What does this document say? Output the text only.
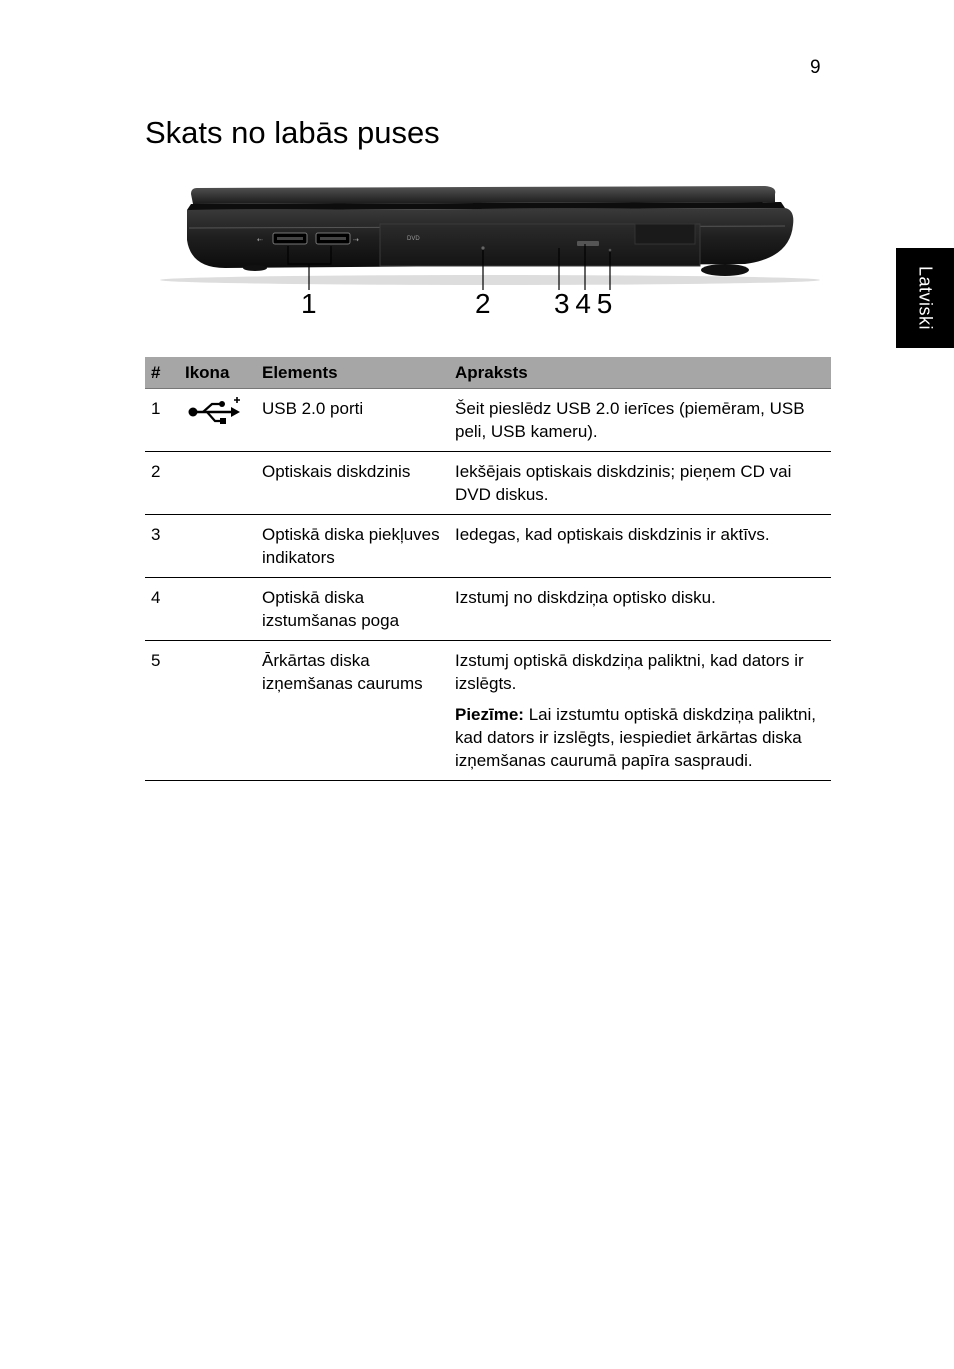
9
Skats no labās puses
Latviski
⇠	⇢	DVD
1	2 3 4 5
#	Ikona	Elements	Apraksts
1		USB 2.0 porti	Šeit pieslēdz USB 2.0 ierīces (piemēram, USB peli, USB kameru).
2		Optiskais diskdzinis	Iekšējais optiskais diskdzinis; pieņem CD vai DVD diskus.
3		Optiskā diska piekļuves indikators	Iedegas, kad optiskais diskdzinis ir aktīvs.
4		Optiskā diska izstumšanas poga	Izstumj no diskdziņa optisko disku.
5		Ārkārtas diska izņemšanas caurums	Izstumj optiskā diskdziņa paliktni, kad dators ir izslēgts.

Piezīme: Lai izstumtu optiskā diskdziņa paliktni, kad dators ir izslēgts, iespiediet ārkārtas diska izņemšanas caurumā papīra saspraudi.
